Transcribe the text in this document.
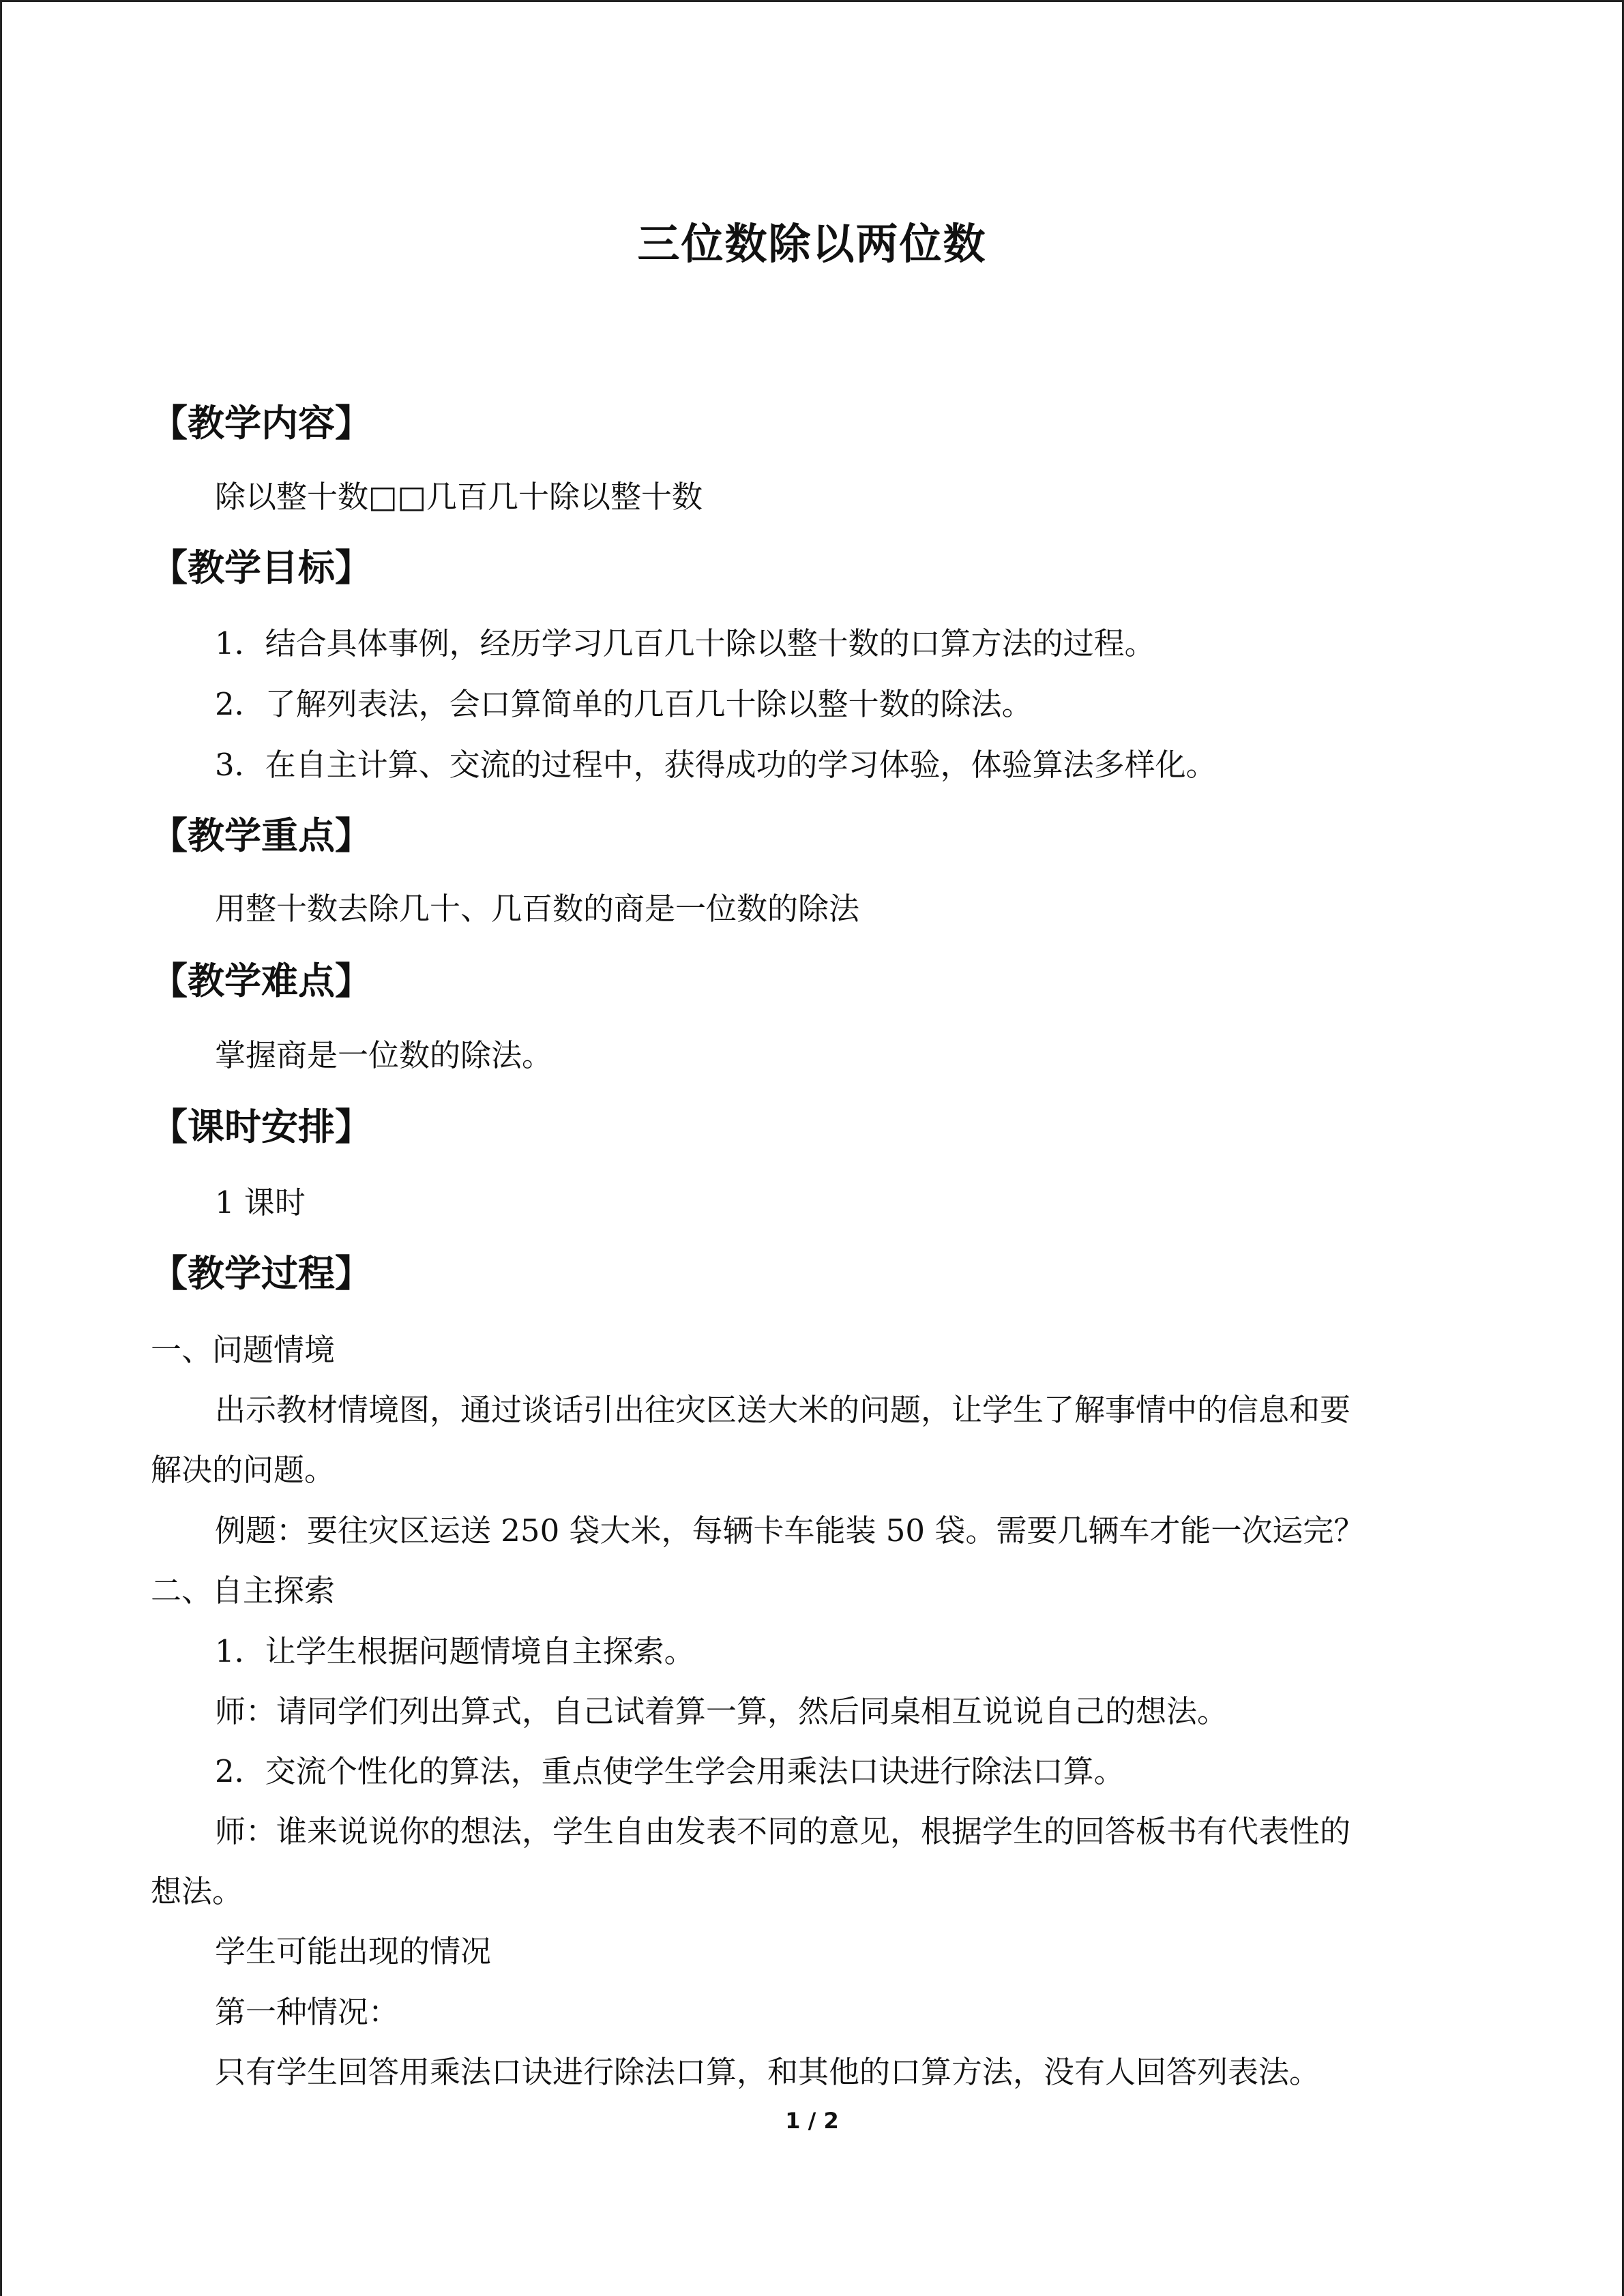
三位数除以两位数
【教学内容】
除以整十数□□几百几十除以整十数
【教学目标】
1．结合具体事例，经历学习几百几十除以整十数的口算方法的过程。
2．了解列表法，会口算简单的几百几十除以整十数的除法。
3．在自主计算、交流的过程中，获得成功的学习体验，体验算法多样化。
【教学重点】
用整十数去除几十、几百数的商是一位数的除法
【教学难点】
掌握商是一位数的除法。
【课时安排】
1 课时
【教学过程】
一、问题情境
出示教材情境图，通过谈话引出往灾区送大米的问题，让学生了解事情中的信息和要
解决的问题。
例题：要往灾区运送 250 袋大米，每辆卡车能装 50 袋。需要几辆车才能一次运完？
二、自主探索
1．让学生根据问题情境自主探索。
师：请同学们列出算式，自己试着算一算，然后同桌相互说说自己的想法。
2．交流个性化的算法，重点使学生学会用乘法口诀进行除法口算。
师：谁来说说你的想法，学生自由发表不同的意见，根据学生的回答板书有代表性的
想法。
学生可能出现的情况
第一种情况：
只有学生回答用乘法口诀进行除法口算，和其他的口算方法，没有人回答列表法。
1 / 2
